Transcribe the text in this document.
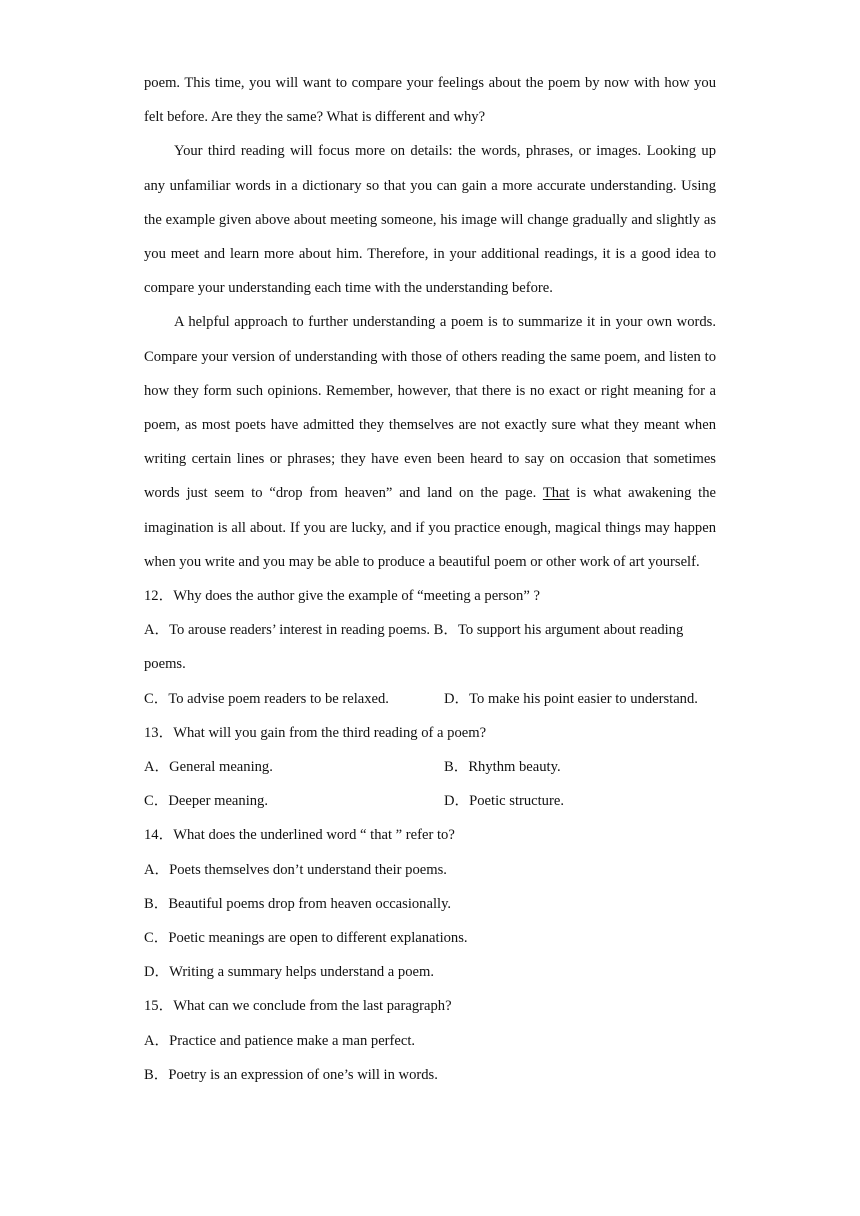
poem. This time, you will want to compare your feelings about the poem by now with how you felt before. Are they the same? What is different and why?

Your third reading will focus more on details: the words, phrases, or images. Looking up any unfamiliar words in a dictionary so that you can gain a more accurate understanding. Using the example given above about meeting someone, his image will change gradually and slightly as you meet and learn more about him. Therefore, in your additional readings, it is a good idea to compare your understanding each time with the understanding before.

A helpful approach to further understanding a poem is to summarize it in your own words. Compare your version of understanding with those of others reading the same poem, and listen to how they form such opinions. Remember, however, that there is no exact or right meaning for a poem, as most poets have admitted they themselves are not exactly sure what they meant when writing certain lines or phrases; they have even been heard to say on occasion that sometimes words just seem to “drop from heaven” and land on the page. That is what awakening the imagination is all about. If you are lucky, and if you practice enough, magical things may happen when you write and you may be able to produce a beautiful poem or other work of art yourself.

12．Why does the author give the example of “meeting a person” ?

A．To arouse readers’ interest in reading poems. B．To support his argument about reading

poems.

C．To advise poem readers to be relaxed.	D．To make his point easier to understand.

13．What will you gain from the third reading of a poem?

A．General meaning.	B．Rhythm beauty.
C．Deeper meaning.	D．Poetic structure.

14．What does the underlined word “ that ” refer to?

A．Poets themselves don’t understand their poems.

B．Beautiful poems drop from heaven occasionally.

C．Poetic meanings are open to different explanations.

D．Writing a summary helps understand a poem.

15．What can we conclude from the last paragraph?

A．Practice and patience make a man perfect.

B．Poetry is an expression of one’s will in words.
